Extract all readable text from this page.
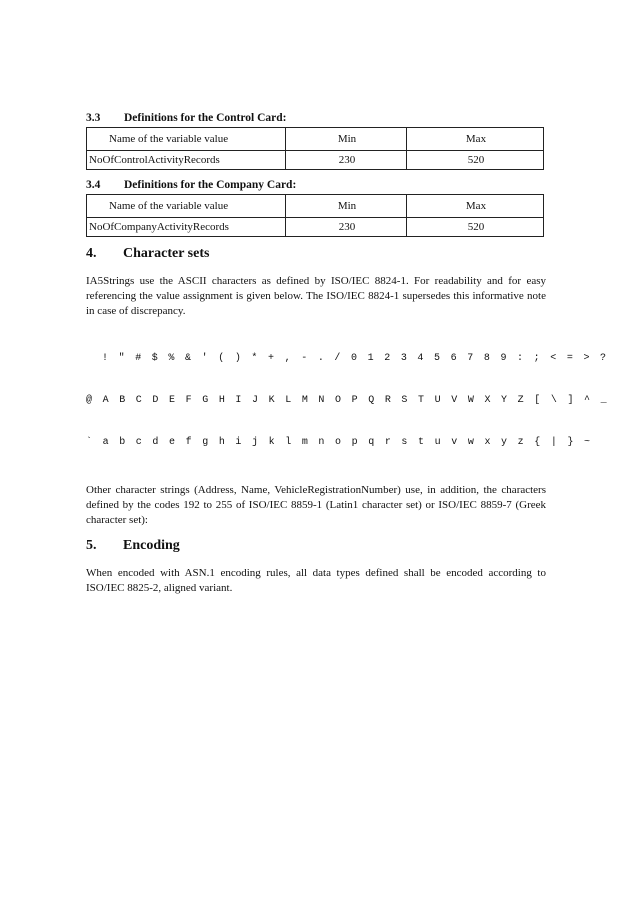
3.3 Definitions for the Control Card:
Name of the variable value	Min	Max
NoOfControlActivityRecords	230	520
3.4 Definitions for the Company Card:
Name of the variable value	Min	Max
NoOfCompanyActivityRecords	230	520
4. Character sets

IA5Strings use the ASCII characters as defined by ISO/IEC 8824-1. For readability and for easy referencing the value assignment is given below. The ISO/IEC 8824-1 supersedes this informative note in case of discrepancy.

! " # $ % & ' ( ) * + , - . / 0 1 2 3 4 5 6 7 8 9 : ; < = > ?

@ A B C D E F G H I J K L M N O P Q R S T U V W X Y Z [ \ ] ^ _

` a b c d e f g h i j k l m n o p q r s t u v w x y z { | } ~

Other character strings (Address, Name, VehicleRegistrationNumber) use, in addition, the characters defined by the codes 192 to 255 of ISO/IEC 8859-1 (Latin1 character set) or ISO/IEC 8859-7 (Greek character set):

5. Encoding

When encoded with ASN.1 encoding rules, all data types defined shall be encoded according to ISO/IEC 8825-2, aligned variant.
